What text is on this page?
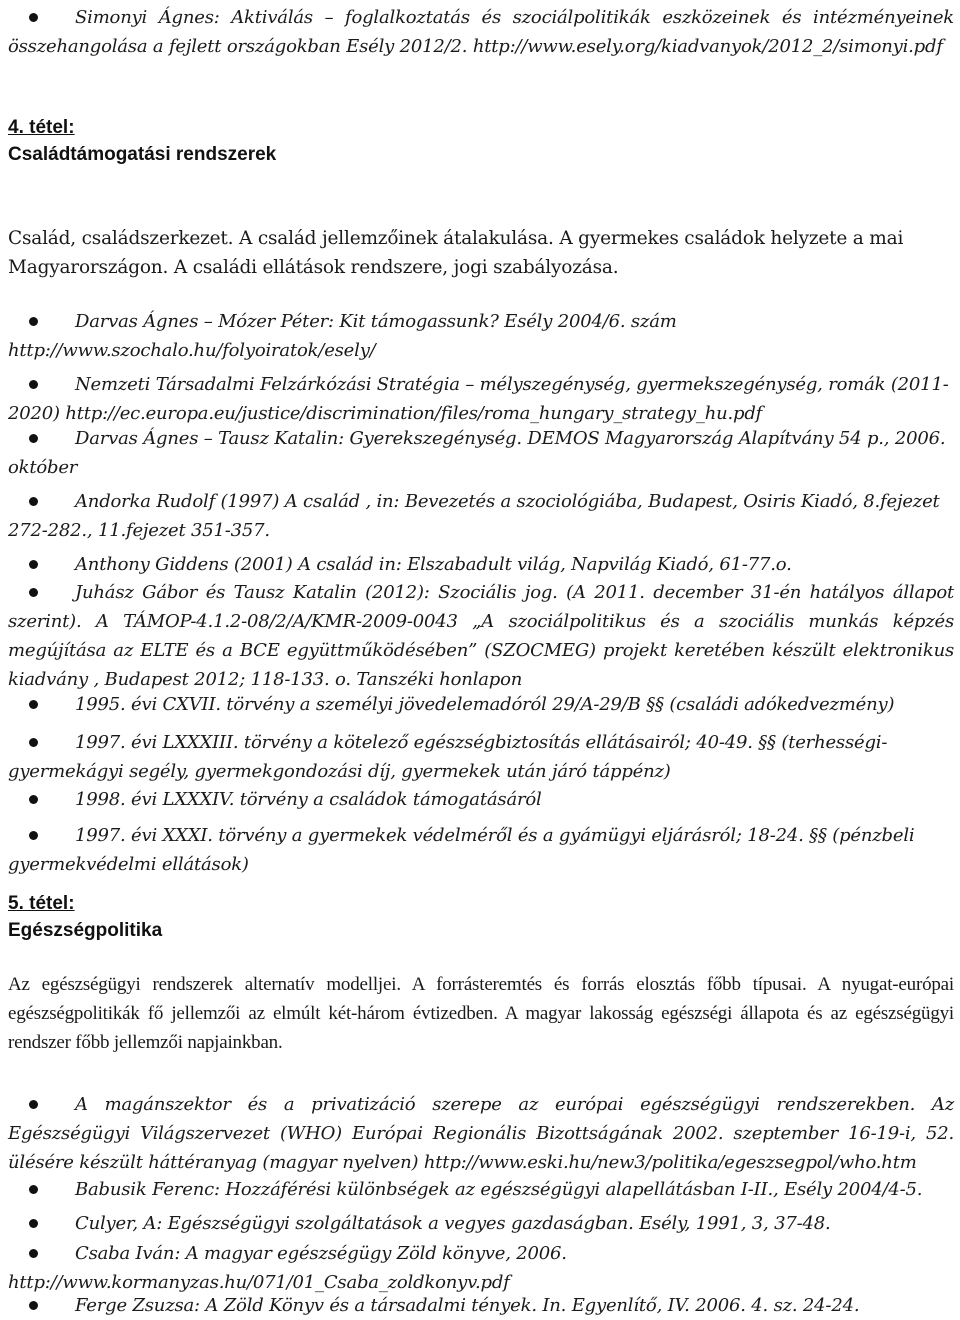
Simonyi Ágnes: Aktiválás – foglalkoztatás és szociálpolitikák eszközeinek és intézményeinek összehangolása a fejlett országokban Esély 2012/2. http://www.esely.org/kiadvanyok/2012_2/simonyi.pdf
4. tétel:
Családtámogatási rendszerek
Család, családszerkezet. A család jellemzőinek átalakulása. A gyermekes családok helyzete a mai Magyarországon. A családi ellátások rendszere, jogi szabályozása.
Darvas Ágnes – Mózer Péter: Kit támogassunk? Esély 2004/6. szám http://www.szochalo.hu/folyoiratok/esely/
Nemzeti Társadalmi Felzárkózási Stratégia – mélyszegénység, gyermekszegénység, romák (2011-2020) http://ec.europa.eu/justice/discrimination/files/roma_hungary_strategy_hu.pdf
Darvas Ágnes – Tausz Katalin: Gyerekszegénység. DEMOS Magyarország Alapítvány 54 p., 2006. október
Andorka Rudolf (1997) A család , in: Bevezetés a szociológiába, Budapest, Osiris Kiadó, 8.fejezet 272-282., 11.fejezet 351-357.
Anthony Giddens (2001) A család in: Elszabadult világ, Napvilág Kiadó, 61-77.o.
Juhász Gábor és Tausz Katalin (2012): Szociális jog. (A 2011. december 31-én hatályos állapot szerint). A TÁMOP-4.1.2-08/2/A/KMR-2009-0043 „A szociálpolitikus és a szociális munkás képzés megújítása az ELTE és a BCE együttműködésében” (SZOCMEG) projekt keretében készült elektronikus kiadvány , Budapest 2012; 118-133. o. Tanszéki honlapon
1995. évi CXVII. törvény a személyi jövedelemadóról 29/A-29/B §§ (családi adókedvezmény)
1997. évi LXXXIII. törvény a kötelező egészségbiztosítás ellátásairól; 40-49. §§ (terhességi-gyermekágyi segély, gyermekgondozási díj, gyermekek után járó táppénz)
1998. évi LXXXIV. törvény a családok támogatásáról
1997. évi XXXI. törvény a gyermekek védelméről és a gyámügyi eljárásról; 18-24. §§ (pénzbeli gyermekvédelmi ellátások)
5. tétel:
Egészségpolitika
Az egészségügyi rendszerek alternatív modelljei. A forrásteremtés és forrás elosztás főbb típusai. A nyugat-európai egészségpolitikák fő jellemzői az elmúlt két-három évtizedben. A magyar lakosság egészségi állapota és az egészségügyi rendszer főbb jellemzői napjainkban.
A magánszektor és a privatizáció szerepe az európai egészségügyi rendszerekben. Az Egészségügyi Világszervezet (WHO) Európai Regionális Bizottságának 2002. szeptember 16-19-i, 52. ülésére készült háttéranyag (magyar nyelven) http://www.eski.hu/new3/politika/egeszsegpol/who.htm
Babusik Ferenc: Hozzáférési különbségek az egészségügyi alapellátásban I-II., Esély 2004/4-5.
Culyer, A: Egészségügyi szolgáltatások a vegyes gazdaságban. Esély, 1991, 3, 37-48.
Csaba Iván: A magyar egészségügy Zöld könyve, 2006. http://www.kormanyzas.hu/071/01_Csaba_zoldkonyv.pdf
Ferge Zsuzsa: A Zöld Könyv és a társadalmi tények. In. Egyenlítő, IV. 2006. 4. sz. 24-24.
